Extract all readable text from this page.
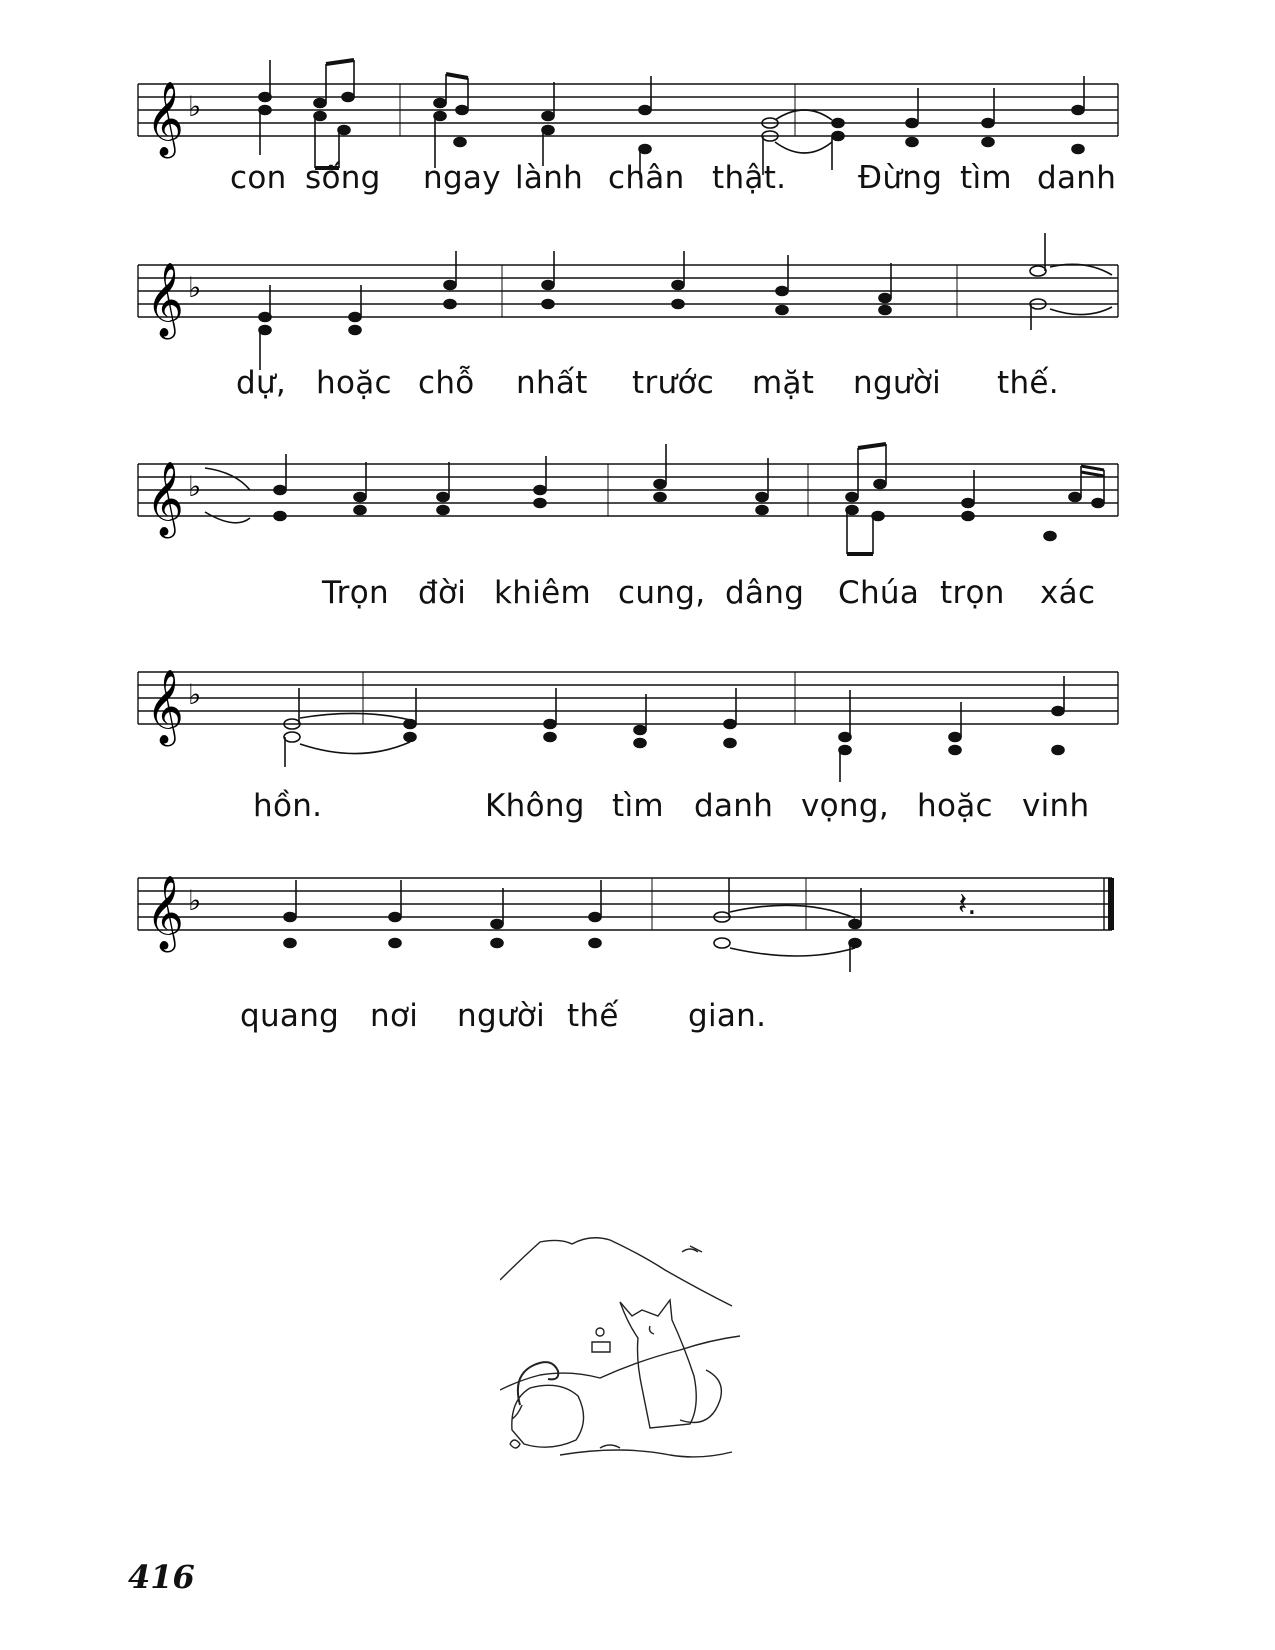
𝄞 ♭
con sống ngay lành chân thật. Đừng tìm danh
𝄞 ♭
dự, hoặc chỗ nhất trước mặt người thế.
𝄞 ♭
Trọn đời khiêm cung, dâng Chúa trọn xác
𝄞 ♭
hồn.	Không tìm danh vọng, hoặc vinh
𝄞 ♭	𝄽.
quang nơi người thế gian.
416
